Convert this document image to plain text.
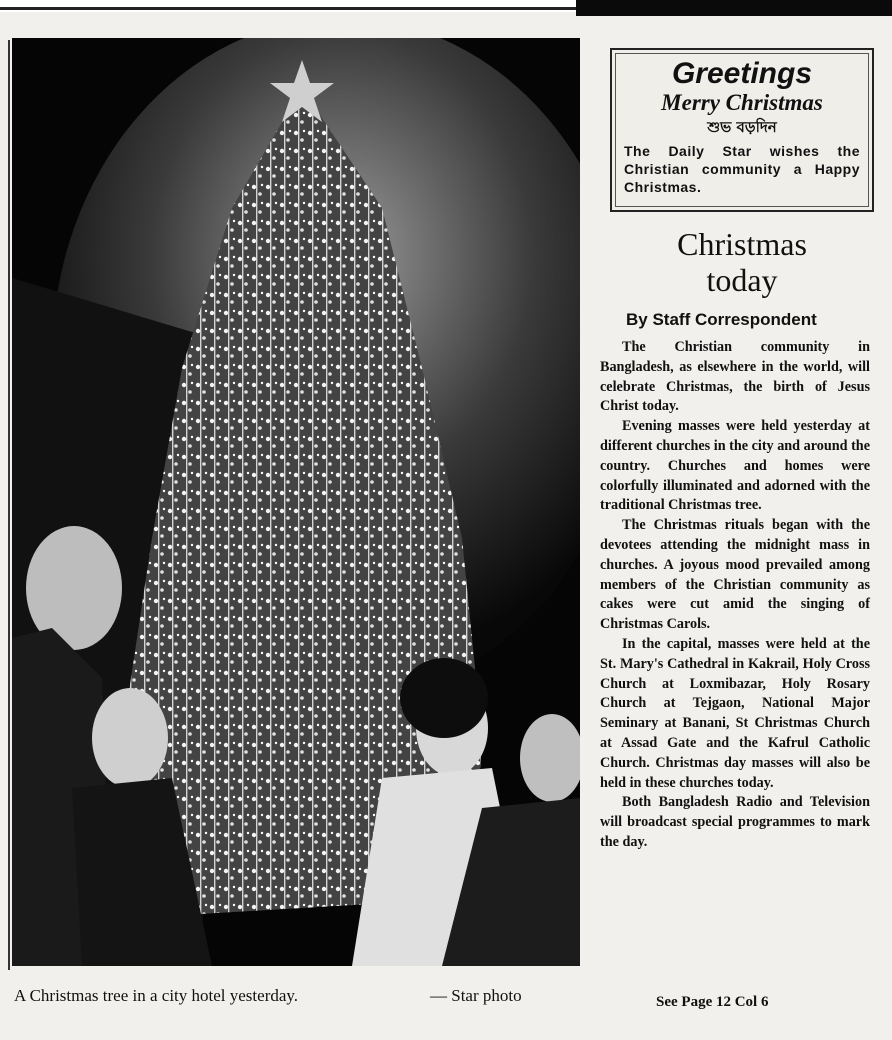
A Christmas tree in a city hotel yesterday.	— Star photo
Greetings
Merry Christmas
শুভ বড়দিন
The Daily Star wishes the Christian community a Happy Christmas.
Christmas
today
By Staff Correspondent

The Christian community in Bangladesh, as elsewhere in the world, will celebrate Christmas, the birth of Jesus Christ today.

Evening masses were held yesterday at different churches in the city and around the country. Churches and homes were colorfully illuminated and adorned with the traditional Christmas tree.

The Christmas rituals began with the devotees attending the midnight mass in churches. A joyous mood prevailed among members of the Christian community as cakes were cut amid the singing of Christmas Carols.

In the capital, masses were held at the St. Mary's Cathedral in Kakrail, Holy Cross Church at Loxmibazar, Holy Rosary Church at Tejgaon, National Major Seminary at Banani, St Christmas Church at Assad Gate and the Kafrul Catholic Church. Christmas day masses will also be held in these churches today.

Both Bangladesh Radio and Television will broadcast special programmes to mark the day.

See Page 12 Col 6
